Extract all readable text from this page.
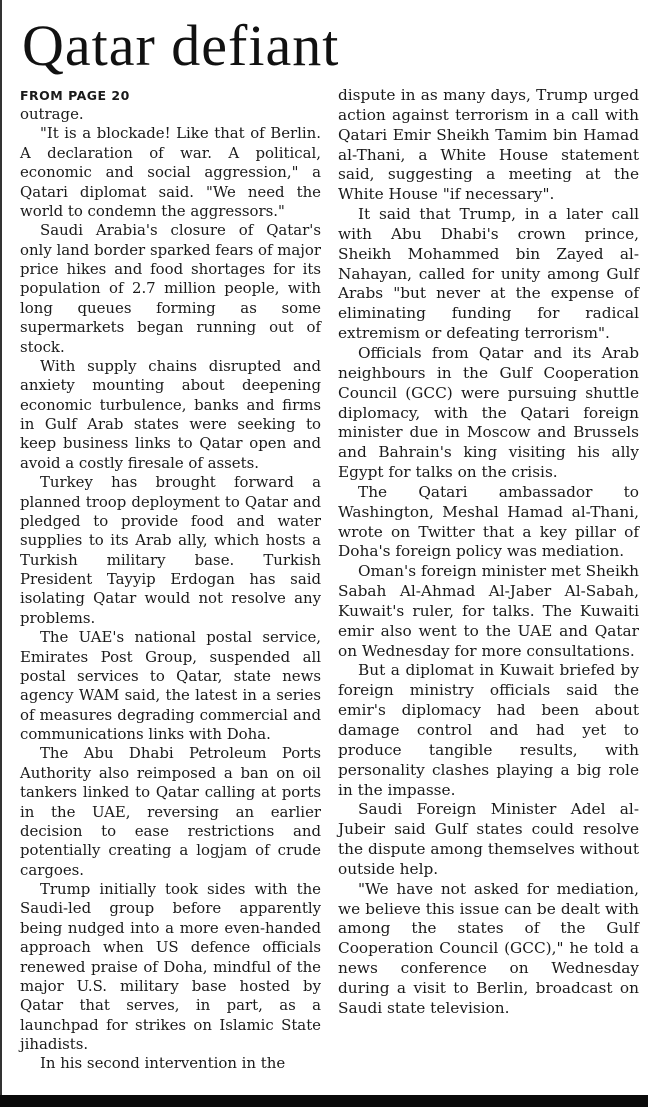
Qatar defiant
FROM PAGE 20

outrage.

"It is a blockade! Like that of Berlin. A declaration of war. A political, economic and social aggression," a Qatari diplomat said. "We need the world to condemn the aggressors."

Saudi Arabia's closure of Qatar's only land border sparked fears of major price hikes and food shortages for its population of 2.7 million people, with long queues forming as some supermarkets began running out of stock.

With supply chains disrupted and anxiety mounting about deepening economic turbulence, banks and firms in Gulf Arab states were seeking to keep business links to Qatar open and avoid a costly firesale of assets.

Turkey has brought forward a planned troop deployment to Qatar and pledged to provide food and water supplies to its Arab ally, which hosts a Turkish military base. Turkish President Tayyip Erdogan has said isolating Qatar would not resolve any problems.

The UAE's national postal service, Emirates Post Group, suspended all postal services to Qatar, state news agency WAM said, the latest in a series of measures degrading commercial and communications links with Doha.

The Abu Dhabi Petroleum Ports Authority also reimposed a ban on oil tankers linked to Qatar calling at ports in the UAE, reversing an earlier decision to ease restrictions and potentially creating a logjam of crude cargoes.

Trump initially took sides with the Saudi-led group before apparently being nudged into a more even-handed approach when US defence officials renewed praise of Doha, mindful of the major U.S. military base hosted by Qatar that serves, in part, as a launchpad for strikes on Islamic State jihadists.

In his second intervention in the

dispute in as many days, Trump urged action against terrorism in a call with Qatari Emir Sheikh Tamim bin Hamad al-Thani, a White House statement said, suggesting a meeting at the White House "if necessary".

It said that Trump, in a later call with Abu Dhabi's crown prince, Sheikh Mohammed bin Zayed al-Nahayan, called for unity among Gulf Arabs "but never at the expense of eliminating funding for radical extremism or defeating terrorism".

Officials from Qatar and its Arab neighbours in the Gulf Cooperation Council (GCC) were pursuing shuttle diplomacy, with the Qatari foreign minister due in Moscow and Brussels and Bahrain's king visiting his ally Egypt for talks on the crisis.

The Qatari ambassador to Washington, Meshal Hamad al-Thani, wrote on Twitter that a key pillar of Doha's foreign policy was mediation.

Oman's foreign minister met Sheikh Sabah Al-Ahmad Al-Jaber Al-Sabah, Kuwait's ruler, for talks. The Kuwaiti emir also went to the UAE and Qatar on Wednesday for more consultations.

But a diplomat in Kuwait briefed by foreign ministry officials said the emir's diplomacy had been about damage control and had yet to produce tangible results, with personality clashes playing a big role in the impasse.

Saudi Foreign Minister Adel al-Jubeir said Gulf states could resolve the dispute among themselves without outside help.

"We have not asked for mediation, we believe this issue can be dealt with among the states of the Gulf Cooperation Council (GCC)," he told a news conference on Wednesday during a visit to Berlin, broadcast on Saudi state television.
